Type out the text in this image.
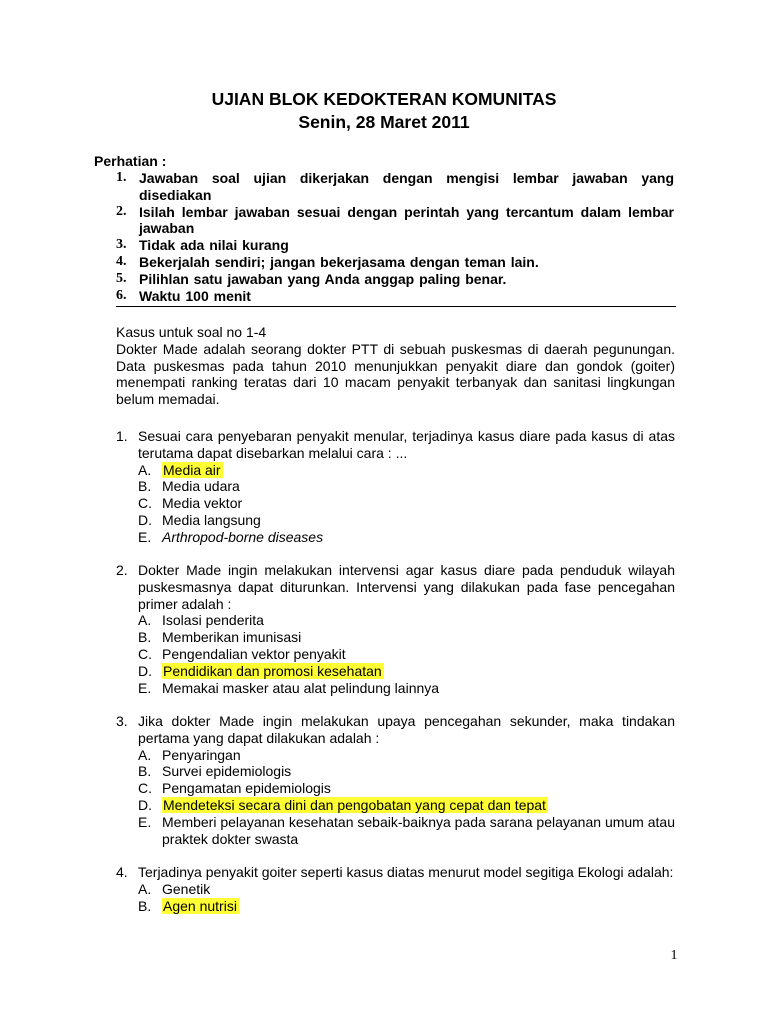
UJIAN BLOK KEDOKTERAN KOMUNITAS
Senin, 28 Maret 2011
Perhatian :
1. Jawaban soal ujian dikerjakan dengan mengisi lembar jawaban yang disediakan
2. Isilah lembar jawaban sesuai dengan perintah yang tercantum dalam lembar jawaban
3. Tidak ada nilai kurang
4. Bekerjalah sendiri; jangan bekerjasama dengan teman lain.
5. Pilihlan satu jawaban yang Anda anggap paling benar.
6. Waktu 100 menit
Kasus untuk soal no 1-4
Dokter Made adalah seorang dokter PTT di sebuah puskesmas di daerah pegunungan. Data puskesmas pada tahun 2010 menunjukkan penyakit diare dan gondok (goiter) menempati ranking teratas dari 10 macam penyakit terbanyak dan sanitasi lingkungan belum memadai.
1. Sesuai cara penyebaran penyakit menular, terjadinya kasus diare pada kasus di atas terutama dapat disebarkan melalui cara : ...
A. Media air
B. Media udara
C. Media vektor
D. Media langsung
E. Arthropod-borne diseases
2. Dokter Made ingin melakukan intervensi agar kasus diare pada penduduk wilayah puskesmasnya dapat diturunkan. Intervensi yang dilakukan pada fase pencegahan primer adalah :
A. Isolasi penderita
B. Memberikan imunisasi
C. Pengendalian vektor penyakit
D. Pendidikan dan promosi kesehatan
E. Memakai masker atau alat pelindung lainnya
3. Jika dokter Made ingin melakukan upaya pencegahan sekunder, maka tindakan pertama yang dapat dilakukan adalah :
A. Penyaringan
B. Survei epidemiologis
C. Pengamatan epidemiologis
D. Mendeteksi secara dini dan pengobatan yang cepat dan tepat
E. Memberi pelayanan kesehatan sebaik-baiknya pada sarana pelayanan umum atau praktek dokter swasta
4. Terjadinya penyakit goiter seperti kasus diatas menurut model segitiga Ekologi adalah:
A. Genetik
B. Agen nutrisi
1
